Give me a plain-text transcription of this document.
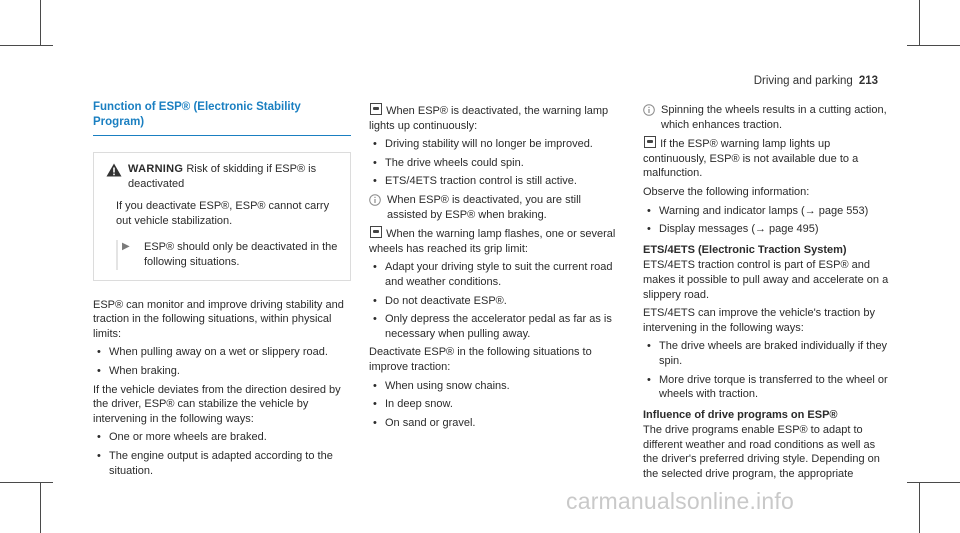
Driving and parking 213
Function of ESP® (Electronic Stability Program)
WARNING Risk of skidding if ESP® is deactivated

If you deactivate ESP®, ESP® cannot carry out vehicle stabilization.

▶	ESP® should only be deactivated in the following situations.

ESP® can monitor and improve driving stability and traction in the following situations, within physical limits:

• When pulling away on a wet or slippery road.
• When braking.

If the vehicle deviates from the direction desired by the driver, ESP® can stabilize the vehicle by intervening in the following ways:

• One or more wheels are braked.
• The engine output is adapted according to the situation.

When ESP® is deactivated, the warning lamp lights up continuously:

• Driving stability will no longer be improved.
• The drive wheels could spin.
• ETS/4ETS traction control is still active.
When ESP® is deactivated, you are still assisted by ESP® when braking.

When the warning lamp flashes, one or several wheels has reached its grip limit:

• Adapt your driving style to suit the current road and weather conditions.
• Do not deactivate ESP®.
• Only depress the accelerator pedal as far as is necessary when pulling away.

Deactivate ESP® in the following situations to improve traction:

• When using snow chains.
• In deep snow.
• On sand or gravel.
Spinning the wheels results in a cutting action, which enhances traction.

If the ESP® warning lamp lights up continuously, ESP® is not available due to a malfunction.

Observe the following information:

• Warning and indicator lamps (→ page 553)
• Display messages (→ page 495)
ETS/4ETS (Electronic Traction System)

ETS/4ETS traction control is part of ESP® and makes it possible to pull away and accelerate on a slippery road.

ETS/4ETS can improve the vehicle's traction by intervening in the following ways:

• The drive wheels are braked individually if they spin.
• More drive torque is transferred to the wheel or wheels with traction.
Influence of drive programs on ESP®

The drive programs enable ESP® to adapt to different weather and road conditions as well as the driver's preferred driving style. Depending on the selected drive program, the appropriate

carmanualsonline.info
